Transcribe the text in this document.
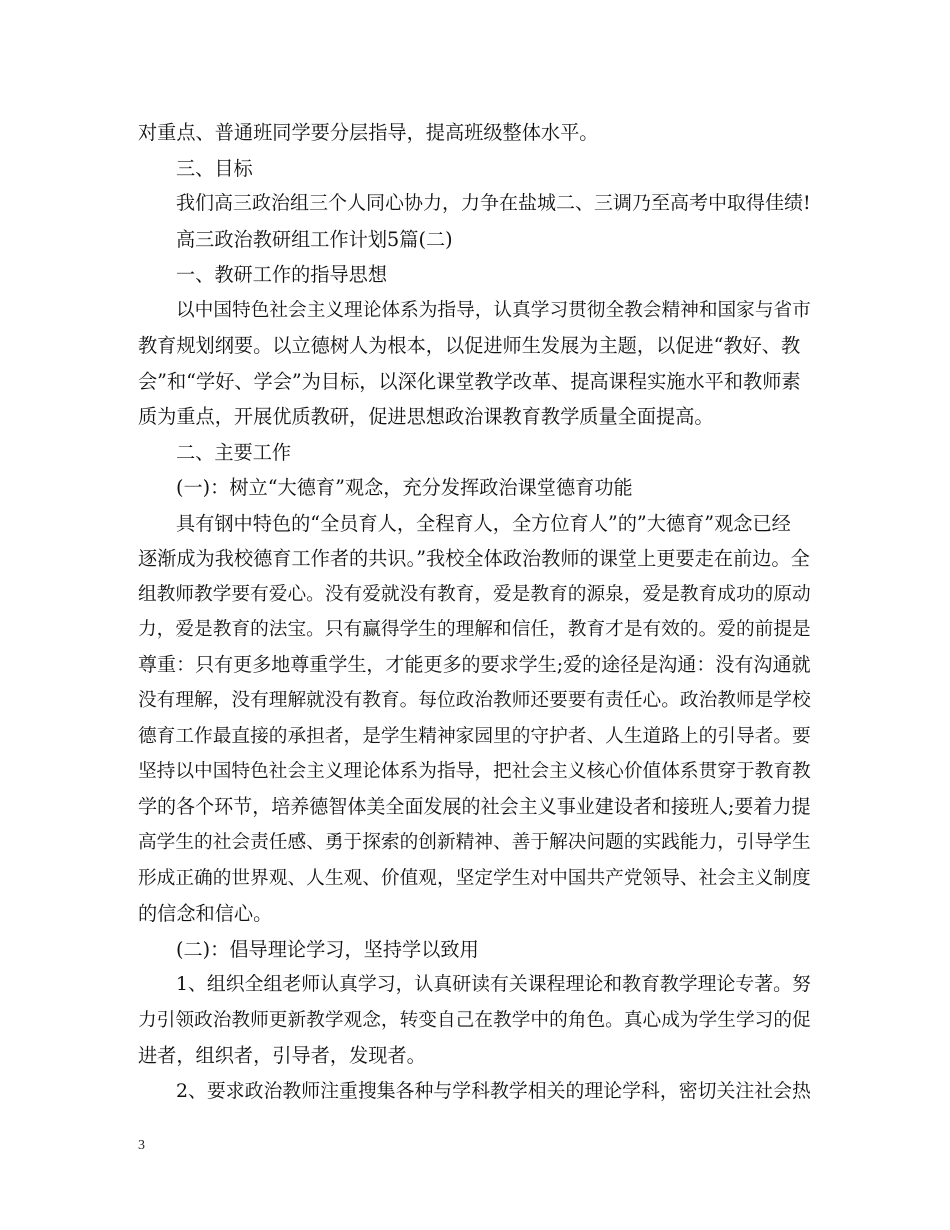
对重点、普通班同学要分层指导，提高班级整体水平。
三、目标
我们高三政治组三个人同心协力，力争在盐城二、三调乃至高考中取得佳绩!
高三政治教研组工作计划5篇(二)
一、教研工作的指导思想
以中国特色社会主义理论体系为指导，认真学习贯彻全教会精神和国家与省市
教育规划纲要。以立德树人为根本，以促进师生发展为主题，以促进“教好、教
会”和“学好、学会”为目标，以深化课堂教学改革、提高课程实施水平和教师素
质为重点，开展优质教研，促进思想政治课教育教学质量全面提高。
二、主要工作
(一)：树立“大德育”观念，充分发挥政治课堂德育功能
具有钢中特色的“全员育人，全程育人，全方位育人”的”大德育”观念已经
逐渐成为我校德育工作者的共识。”我校全体政治教师的课堂上更要走在前边。全
组教师教学要有爱心。没有爱就没有教育，爱是教育的源泉，爱是教育成功的原动
力，爱是教育的法宝。只有赢得学生的理解和信任，教育才是有效的。爱的前提是
尊重：只有更多地尊重学生，才能更多的要求学生;爱的途径是沟通：没有沟通就
没有理解，没有理解就没有教育。每位政治教师还要要有责任心。政治教师是学校
德育工作最直接的承担者，是学生精神家园里的守护者、人生道路上的引导者。要
坚持以中国特色社会主义理论体系为指导，把社会主义核心价值体系贯穿于教育教
学的各个环节，培养德智体美全面发展的社会主义事业建设者和接班人;要着力提
高学生的社会责任感、勇于探索的创新精神、善于解决问题的实践能力，引导学生
形成正确的世界观、人生观、价值观，坚定学生对中国共产党领导、社会主义制度
的信念和信心。
(二)：倡导理论学习，坚持学以致用
1、组织全组老师认真学习，认真研读有关课程理论和教育教学理论专著。努
力引领政治教师更新教学观念，转变自己在教学中的角色。真心成为学生学习的促
进者，组织者，引导者，发现者。
2、要求政治教师注重搜集各种与学科教学相关的理论学科，密切关注社会热
3
